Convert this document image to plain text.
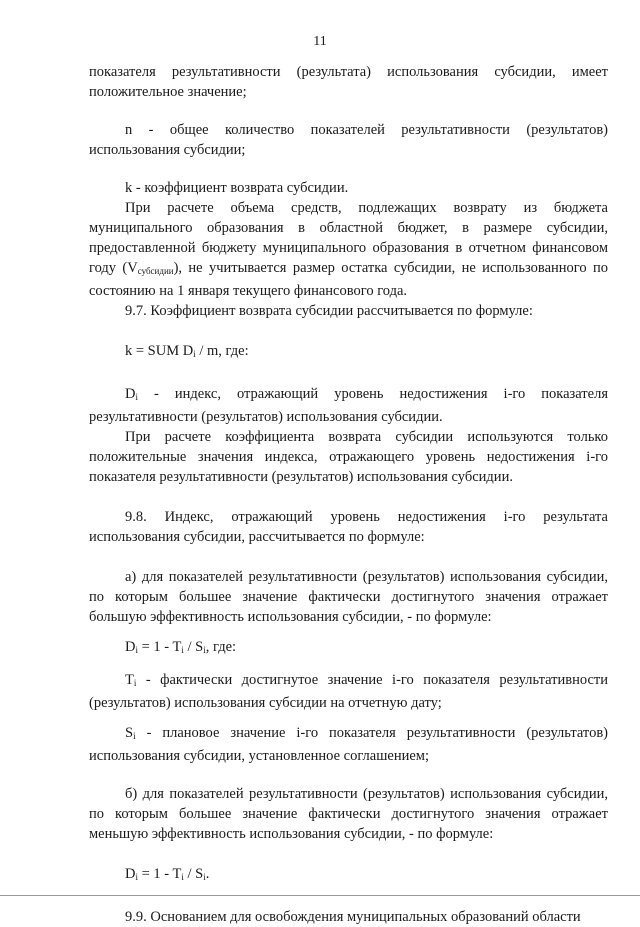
11

показателя результативности (результата) использования субсидии, имеет положительное значение;

n - общее количество показателей результативности (результатов) использования субсидии;

k - коэффициент возврата субсидии.

При расчете объема средств, подлежащих возврату из бюджета муниципального образования в областной бюджет, в размере субсидии, предоставленной бюджету муниципального образования в отчетном финансовом году $(V_{субсидии})$, не учитывается размер остатка субсидии, не использованного по состоянию на 1 января текущего финансового года.

9.7. Коэффициент возврата субсидии рассчитывается по формуле:

k = SUM $D_i$ / m, где:

$D_i$ - индекс, отражающий уровень недостижения i-го показателя результативности (результатов) использования субсидии.

При расчете коэффициента возврата субсидии используются только положительные значения индекса, отражающего уровень недостижения i-го показателя результативности (результатов) использования субсидии.

9.8. Индекс, отражающий уровень недостижения i-го результата использования субсидии, рассчитывается по формуле:

а) для показателей результативности (результатов) использования субсидии, по которым большее значение фактически достигнутого значения отражает большую эффективность использования субсидии, - по формуле:

$D_i = 1 - T_i / S_i$, где:

$T_i$ - фактически достигнутое значение i-го показателя результативности (результатов) использования субсидии на отчетную дату;

$S_i$ - плановое значение i-го показателя результативности (результатов) использования субсидии, установленное соглашением;

б) для показателей результативности (результатов) использования субсидии, по которым большее значение фактически достигнутого значения отражает меньшую эффективность использования субсидии, - по формуле:

$D_i = 1 - T_i / S_i$.

9.9. Основанием для освобождения муниципальных образований области
